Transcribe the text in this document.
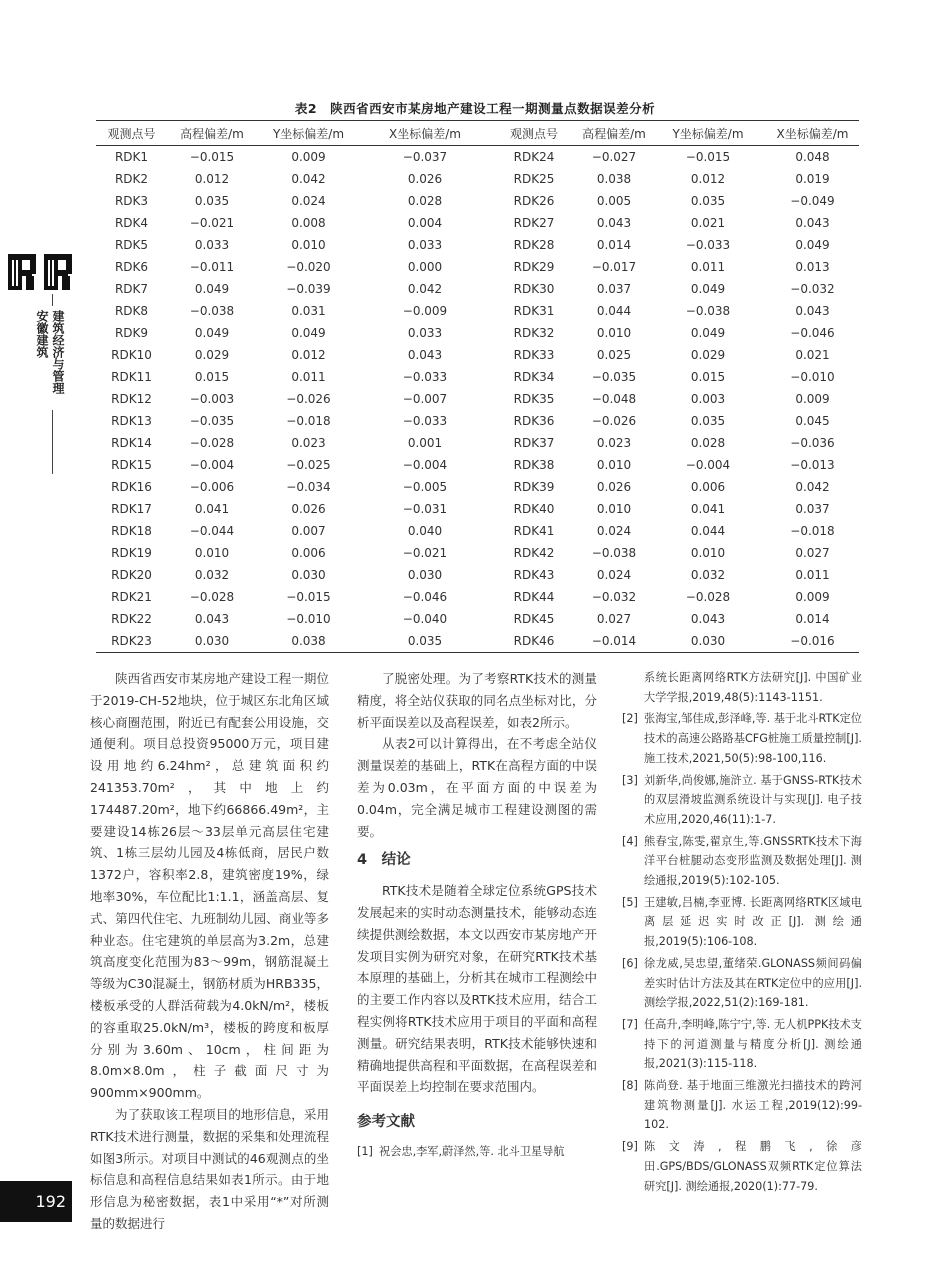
表2　陕西省西安市某房地产建设工程一期测量点数据误差分析
观测点号	高程偏差/m	Y坐标偏差/m	X坐标偏差/m	观测点号	高程偏差/m	Y坐标偏差/m	X坐标偏差/m
RDK1	−0.015	0.009	−0.037	RDK24	−0.027	−0.015	0.048
RDK2	0.012	0.042	0.026	RDK25	0.038	0.012	0.019
RDK3	0.035	0.024	0.028	RDK26	0.005	0.035	−0.049
RDK4	−0.021	0.008	0.004	RDK27	0.043	0.021	0.043
RDK5	0.033	0.010	0.033	RDK28	0.014	−0.033	0.049
RDK6	−0.011	−0.020	0.000	RDK29	−0.017	0.011	0.013
RDK7	0.049	−0.039	0.042	RDK30	0.037	0.049	−0.032
RDK8	−0.038	0.031	−0.009	RDK31	0.044	−0.038	0.043
RDK9	0.049	0.049	0.033	RDK32	0.010	0.049	−0.046
RDK10	0.029	0.012	0.043	RDK33	0.025	0.029	0.021
RDK11	0.015	0.011	−0.033	RDK34	−0.035	0.015	−0.010
RDK12	−0.003	−0.026	−0.007	RDK35	−0.048	0.003	0.009
RDK13	−0.035	−0.018	−0.033	RDK36	−0.026	0.035	0.045
RDK14	−0.028	0.023	0.001	RDK37	0.023	0.028	−0.036
RDK15	−0.004	−0.025	−0.004	RDK38	0.010	−0.004	−0.013
RDK16	−0.006	−0.034	−0.005	RDK39	0.026	0.006	0.042
RDK17	0.041	0.026	−0.031	RDK40	0.010	0.041	0.037
RDK18	−0.044	0.007	0.040	RDK41	0.024	0.044	−0.018
RDK19	0.010	0.006	−0.021	RDK42	−0.038	0.010	0.027
RDK20	0.032	0.030	0.030	RDK43	0.024	0.032	0.011
RDK21	−0.028	−0.015	−0.046	RDK44	−0.032	−0.028	0.009
RDK22	0.043	−0.010	−0.040	RDK45	0.027	0.043	0.014
RDK23	0.030	0.038	0.035	RDK46	−0.014	0.030	−0.016
建筑经济与管理
安徽建筑

陕西省西安市某房地产建设工程一期位于2019-CH-52地块，位于城区东北角区域核心商圈范围，附近已有配套公用设施，交通便利。项目总投资95000万元，项目建设用地约6.24hm²，总建筑面积约241353.70m²，其中地上约174487.20m²，地下约66866.49m²，主要建设14栋26层～33层单元高层住宅建筑、1栋三层幼儿园及4栋低商，居民户数1372户，容积率2.8，建筑密度19%，绿地率30%，车位配比1:1.1，涵盖高层、复式、第四代住宅、九班制幼儿园、商业等多种业态。住宅建筑的单层高为3.2m，总建筑高度变化范围为83～99m，钢筋混凝土等级为C30混凝土，钢筋材质为HRB335，楼板承受的人群活荷载为4.0kN/m²，楼板的容重取25.0kN/m³，楼板的跨度和板厚分别为3.60m、10cm，柱间距为8.0m×8.0m，柱子截面尺寸为900mm×900mm。

为了获取该工程项目的地形信息，采用RTK技术进行测量，数据的采集和处理流程如图3所示。对项目中测试的46观测点的坐标信息和高程信息结果如表1所示。由于地形信息为秘密数据，表1中采用“*”对所测量的数据进行

了脱密处理。为了考察RTK技术的测量精度，将全站仪获取的同名点坐标对比，分析平面误差以及高程误差，如表2所示。

从表2可以计算得出，在不考虑全站仪测量误差的基础上，RTK在高程方面的中误差为0.03m，在平面方面的中误差为0.04m，完全满足城市工程建设测图的需要。

4　结论

RTK技术是随着全球定位系统GPS技术发展起来的实时动态测量技术，能够动态连续提供测绘数据，本文以西安市某房地产开发项目实例为研究对象，在研究RTK技术基本原理的基础上，分析其在城市工程测绘中的主要工作内容以及RTK技术应用，结合工程实例将RTK技术应用于项目的平面和高程测量。研究结果表明，RTK技术能够快速和精确地提供高程和平面数据，在高程误差和平面误差上均控制在要求范围内。

参考文献
[1] 祝会忠,李军,蔚泽然,等. 北斗卫星导航
系统长距离网络RTK方法研究[J]. 中国矿业大学学报,2019,48(5):1143-1151.
[2] 张海宝,邹佳成,彭泽峰,等. 基于北斗RTK定位技术的高速公路路基CFG桩施工质量控制[J]. 施工技术,2021,50(5):98-100,116.
[3] 刘新华,尚俊娜,施浒立. 基于GNSS-RTK技术的双层滑坡监测系统设计与实现[J]. 电子技术应用,2020,46(11):1-7.
[4] 熊春宝,陈雯,翟京生,等.GNSSRTK技术下海洋平台桩腿动态变形监测及数据处理[J]. 测绘通报,2019(5):102-105.
[5] 王建敏,吕楠,李亚博. 长距离网络RTK区域电离层延迟实时改正[J]. 测绘通报,2019(5):106-108.
[6] 徐龙威,吴忠望,董绪荣.GLONASS频间码偏差实时估计方法及其在RTK定位中的应用[J]. 测绘学报,2022,51(2):169-181.
[7] 任高升,李明峰,陈宁宁,等. 无人机PPK技术支持下的河道测量与精度分析[J]. 测绘通报,2021(3):115-118.
[8] 陈尚登. 基于地面三维激光扫描技术的跨河建筑物测量[J]. 水运工程,2019(12):99-102.
[9] 陈文涛,程鹏飞,徐彦田.GPS/BDS/GLONASS双频RTK定位算法研究[J]. 测绘通报,2020(1):77-79.
192
